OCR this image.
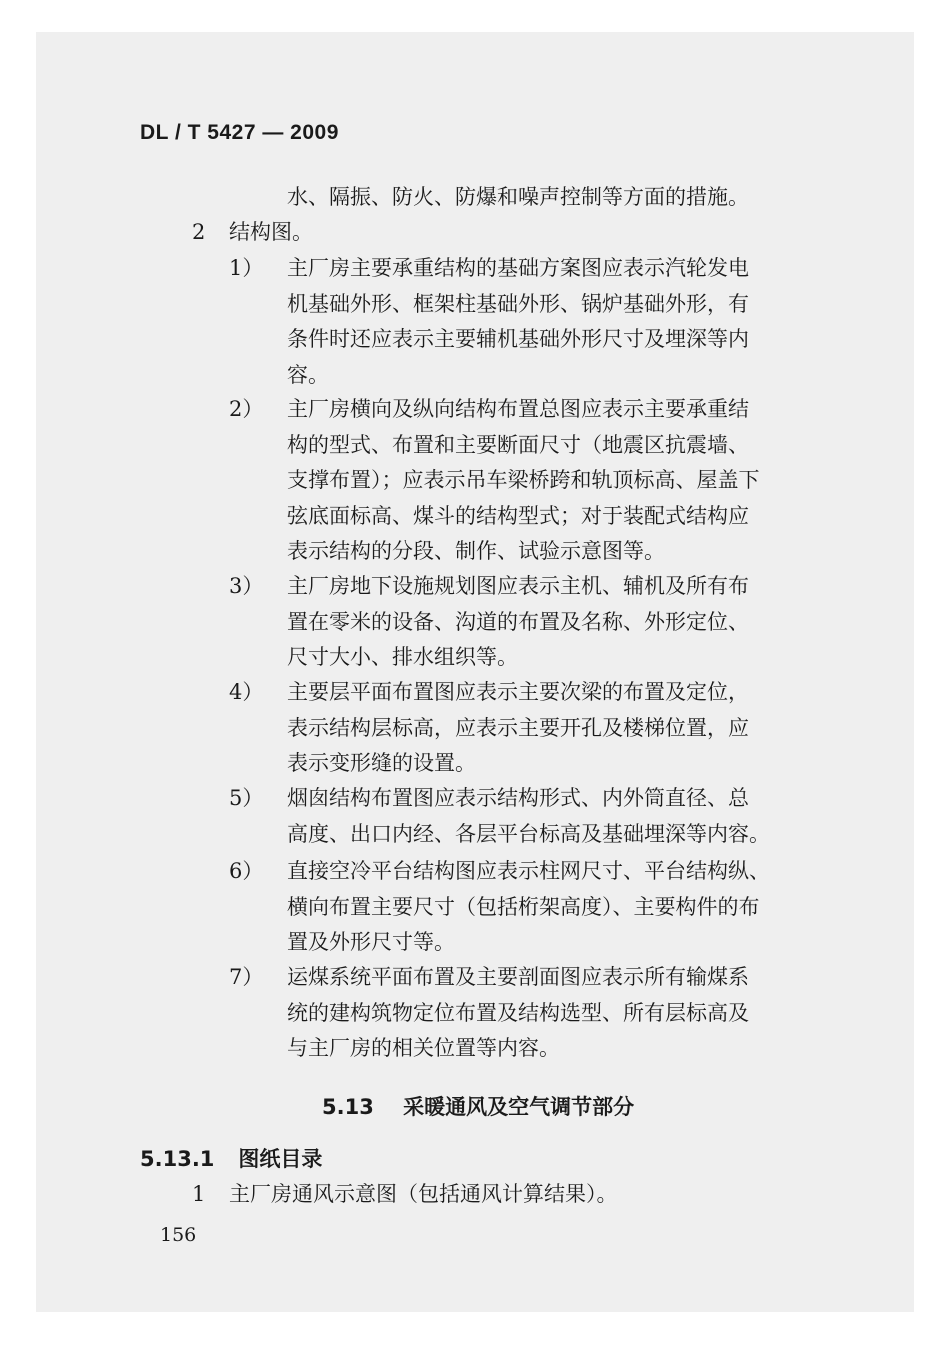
DL / T 5427 — 2009
水、隔振、防火、防爆和噪声控制等方面的措施。
2 结构图。
1） 主厂房主要承重结构的基础方案图应表示汽轮发电
机基础外形、框架柱基础外形、锅炉基础外形，有
条件时还应表示主要辅机基础外形尺寸及埋深等内
容。
2） 主厂房横向及纵向结构布置总图应表示主要承重结
构的型式、布置和主要断面尺寸（地震区抗震墙、
支撑布置）；应表示吊车梁桥跨和轨顶标高、屋盖下
弦底面标高、煤斗的结构型式；对于装配式结构应
表示结构的分段、制作、试验示意图等。
3） 主厂房地下设施规划图应表示主机、辅机及所有布
置在零米的设备、沟道的布置及名称、外形定位、
尺寸大小、排水组织等。
4） 主要层平面布置图应表示主要次梁的布置及定位，
表示结构层标高，应表示主要开孔及楼梯位置，应
表示变形缝的设置。
5） 烟囱结构布置图应表示结构形式、内外筒直径、总
高度、出口内经、各层平台标高及基础埋深等内容。
6） 直接空冷平台结构图应表示柱网尺寸、平台结构纵、
横向布置主要尺寸（包括桁架高度）、主要构件的布
置及外形尺寸等。
7） 运煤系统平面布置及主要剖面图应表示所有输煤系
统的建构筑物定位布置及结构选型、所有层标高及
与主厂房的相关位置等内容。
5.13 采暖通风及空气调节部分
5.13.1 图纸目录
1 主厂房通风示意图（包括通风计算结果）。
156
